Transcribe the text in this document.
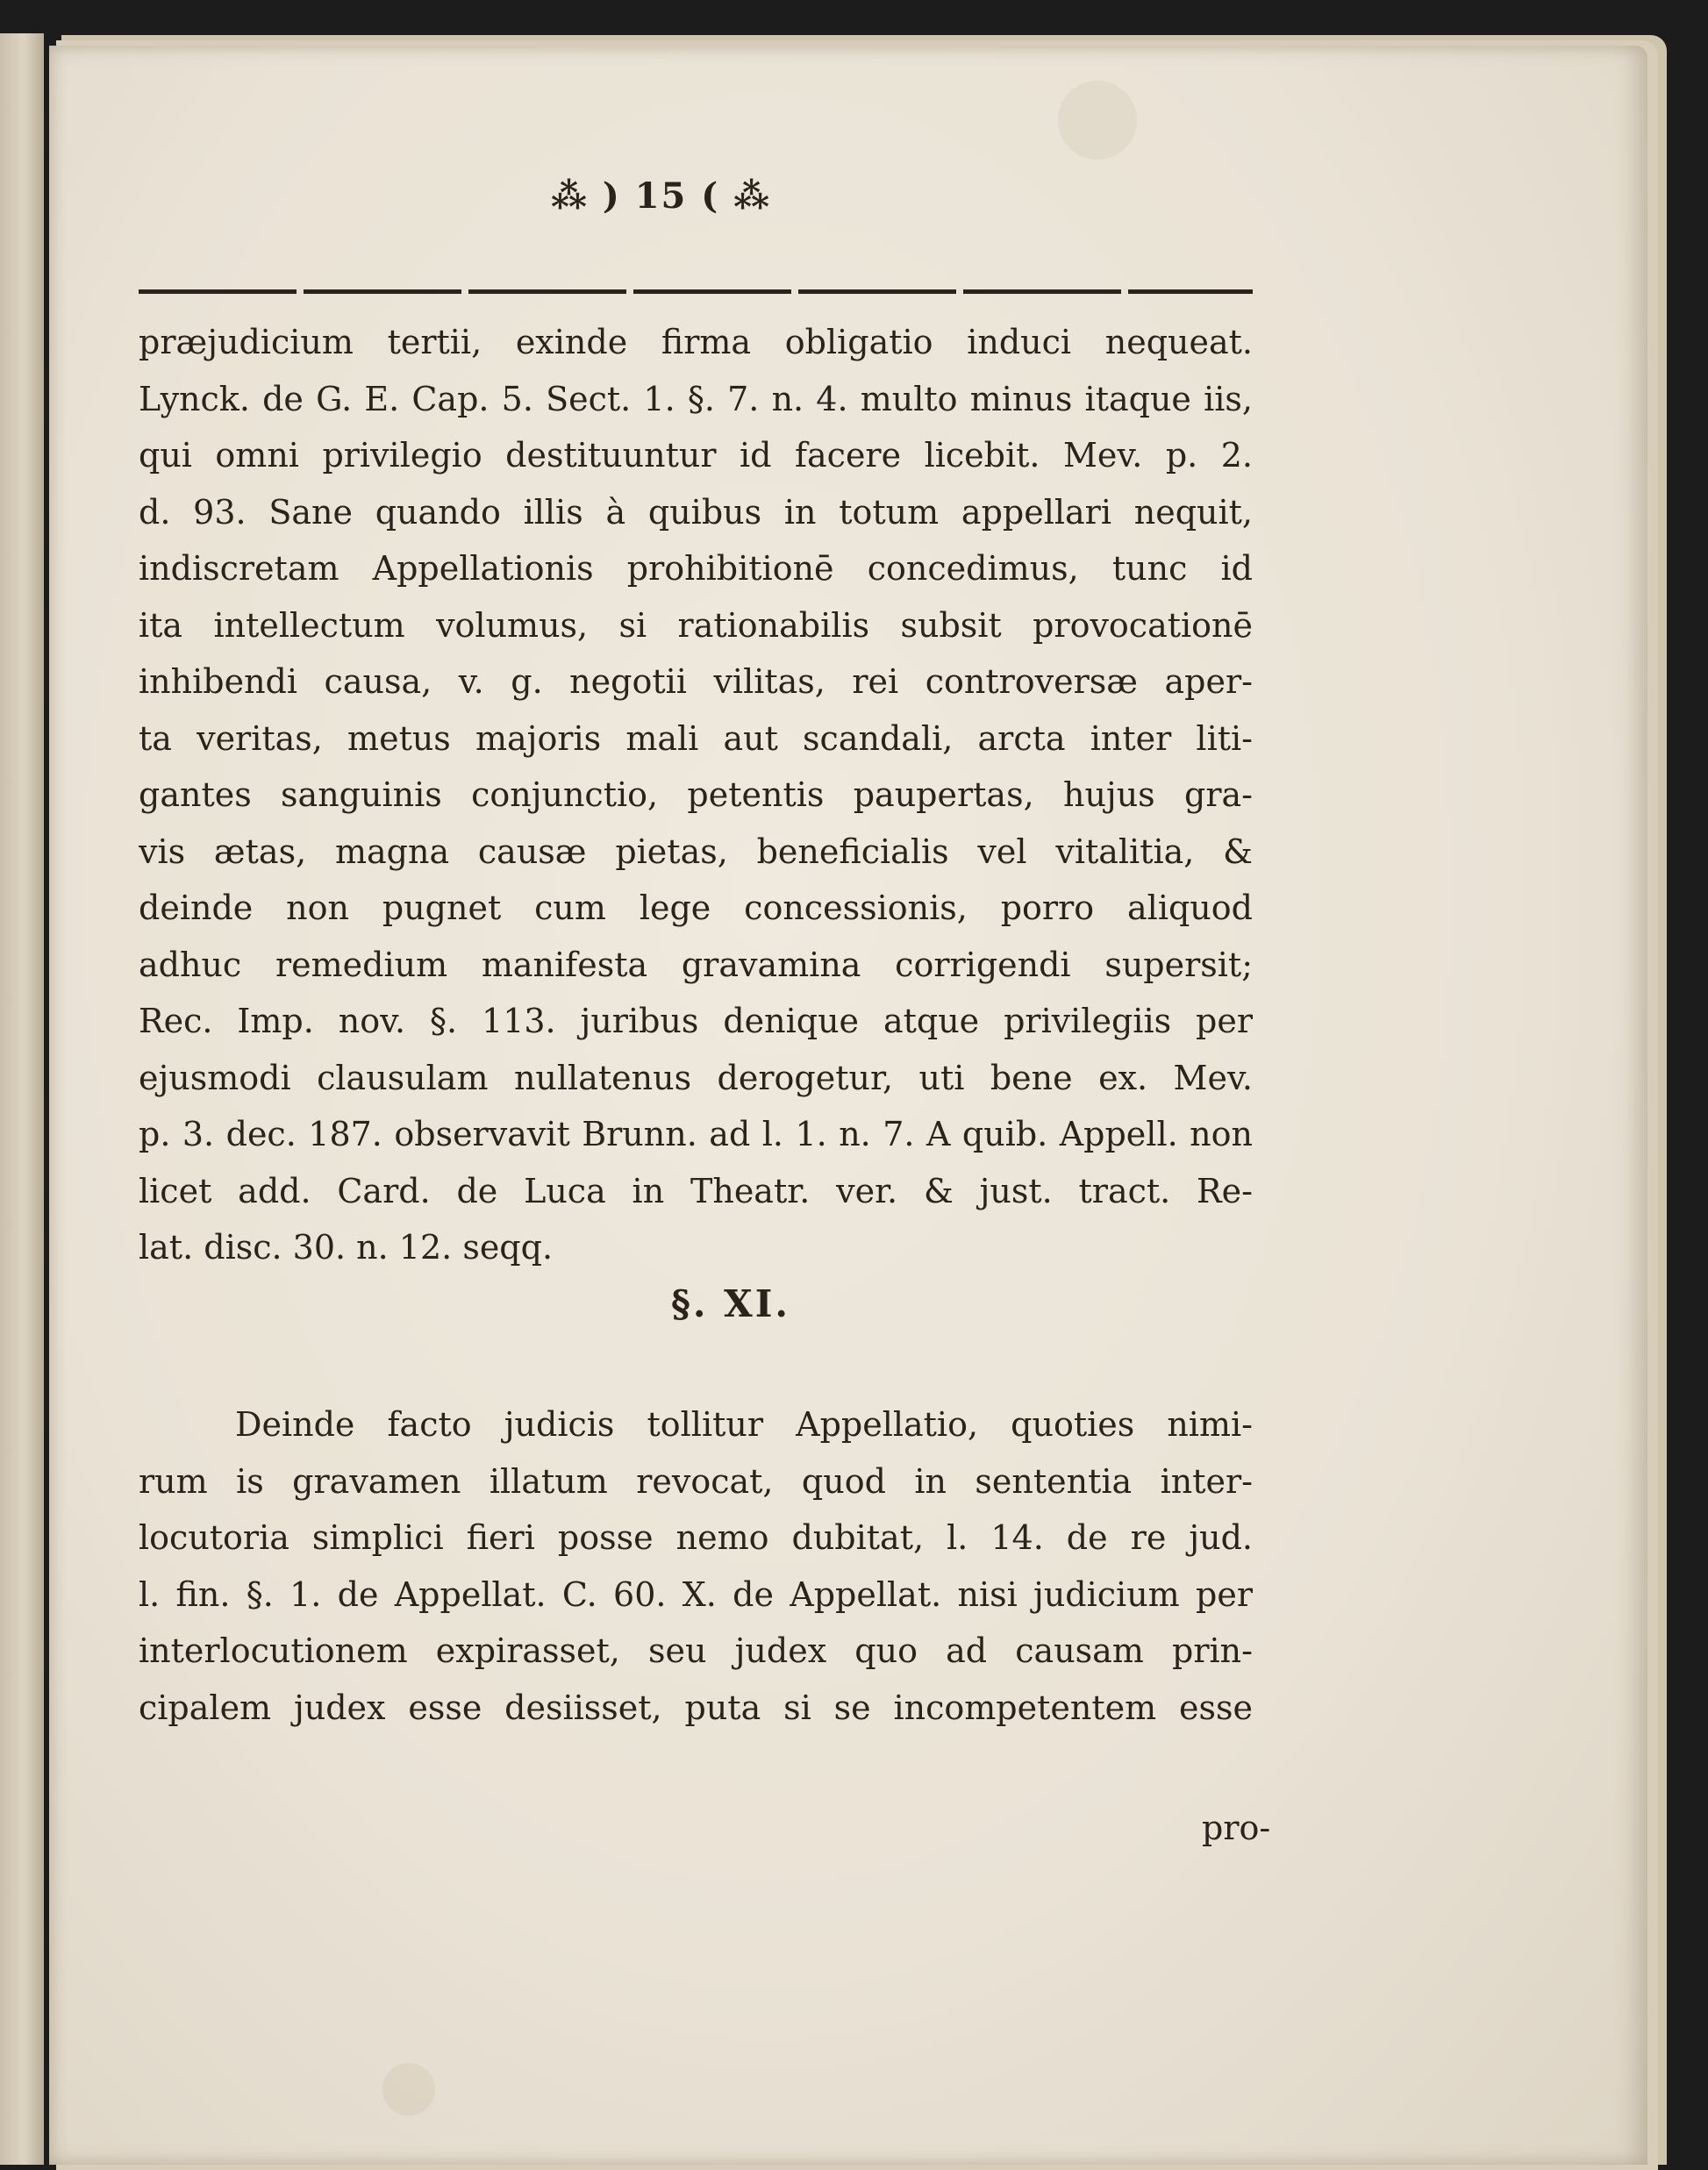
⁂ ) 15 ( ⁂
præjudicium tertii, exinde firma obligatio induci nequeat.
Lynck. de G. E. Cap. 5. Sect. 1. §. 7. n. 4. multo minus itaque iis,
qui omni privilegio destituuntur id facere licebit. Mev. p. 2.
d. 93. Sane quando illis à quibus in totum appellari nequit,
indiscretam Appellationis prohibitionē concedimus, tunc id
ita intellectum volumus, si rationabilis subsit provocationē
inhibendi causa, v. g. negotii vilitas, rei controversæ aper-
ta veritas, metus majoris mali aut scandali, arcta inter liti-
gantes sanguinis conjunctio, petentis paupertas, hujus gra-
vis ætas, magna causæ pietas, beneficialis vel vitalitia, &
deinde non pugnet cum lege concessionis, porro aliquod
adhuc remedium manifesta gravamina corrigendi supersit;
Rec. Imp. nov. §. 113. juribus denique atque privilegiis per
ejusmodi clausulam nullatenus derogetur, uti bene ex. Mev.
p. 3. dec. 187. observavit Brunn. ad l. 1. n. 7. A quib. Appell. non
licet add. Card. de Luca in Theatr. ver. & just. tract. Re-
lat. disc. 30. n. 12. seqq.
§. XI.
Deinde facto judicis tollitur Appellatio, quoties nimi-
rum is gravamen illatum revocat, quod in sententia inter-
locutoria simplici fieri posse nemo dubitat, l. 14. de re jud.
l. fin. §. 1. de Appellat. C. 60. X. de Appellat. nisi judicium per
interlocutionem expirasset, seu judex quo ad causam prin-
cipalem judex esse desiisset, puta si se incompetentem esse
pro-
